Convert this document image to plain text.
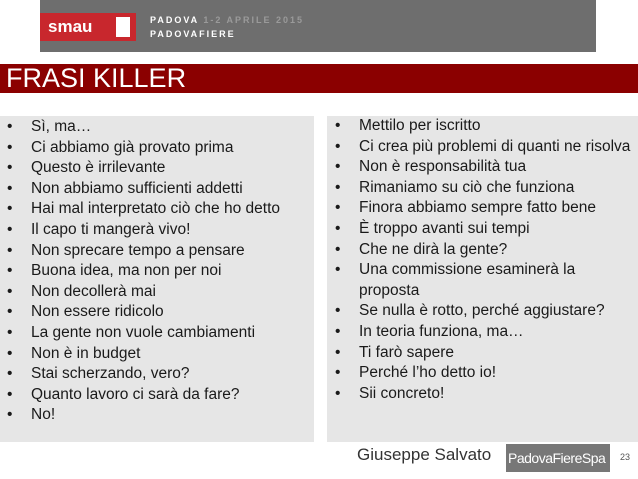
smau	PADOVA 1-2 APRILE 2015
PADOVAFIERE
FRASI KILLER
• Sì, ma…
• Ci abbiamo già provato prima
• Questo è irrilevante
• Non abbiamo sufficienti addetti
• Hai mal interpretato ciò che ho detto
• Il capo ti mangerà vivo!
• Non sprecare tempo a pensare
• Buona idea, ma non per noi
• Non decollerà mai
• Non essere ridicolo
• La gente non vuole cambiamenti
• Non è in budget
• Stai scherzando, vero?
• Quanto lavoro ci sarà da fare?
• No!
• Mettilo per iscritto
• Ci crea più problemi di quanti ne risolva
• Non è responsabilità tua
• Rimaniamo su ciò che funziona
• Finora abbiamo sempre fatto bene
• È troppo avanti sui tempi
• Che ne dirà la gente?
• Una commissione esaminerà la proposta
• Se nulla è rotto, perché aggiustare?
• In teoria funziona, ma…
• Ti farò sapere
• Perché l’ho detto io!
• Sii concreto!
Giuseppe Salvato PadovaFiereSpa 23
